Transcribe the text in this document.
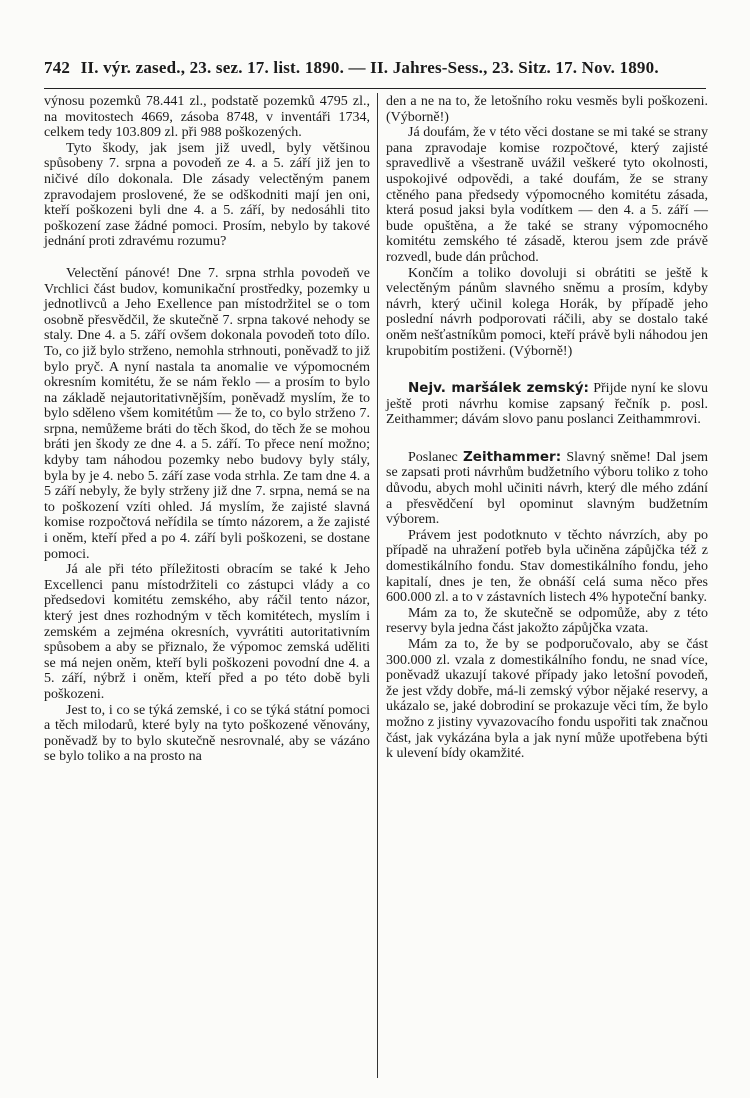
742 II. výr. zased., 23. sez. 17. list. 1890. — II. Jahres-Sess., 23. Sitz. 17. Nov. 1890.

výnosu pozemků 78.441 zl., podstatě pozemků 4795 zl., na movitostech 4669, zásoba 8748, v inventáři 1734, celkem tedy 103.809 zl. při 988 poškozených.

Tyto škody, jak jsem již uvedl, byly většinou spůsobeny 7. srpna a povodeň ze 4. a 5. září již jen to ničivé dílo dokonala. Dle zásady velectěným panem zpravodajem proslovené, že se odškodniti mají jen oni, kteří poškozeni byli dne 4. a 5. září, by nedosáhli tito poškození zase žádné pomoci. Prosím, nebylo by takové jednání proti zdravému rozumu?

Velectění pánové! Dne 7. srpna strhla povodeň ve Vrchlici část budov, komunikační prostředky, pozemky u jednotlivců a Jeho Exellence pan místodržitel se o tom osobně přesvědčil, že skutečně 7. srpna takové nehody se staly. Dne 4. a 5. září ovšem dokonala povodeň toto dílo. To, co již bylo strženo, nemohla strhnouti, poněvadž to již bylo pryč. A nyní nastala ta anomalie ve výpomocném okresním komitétu, že se nám řeklo — a prosím to bylo na základě nejautoritativnějším, poněvadž myslím, že to bylo sděleno všem komitétům — že to, co bylo strženo 7. srpna, nemůžeme bráti do těch škod, do těch že se mohou bráti jen škody ze dne 4. a 5. září. To přece není možno; kdyby tam náhodou pozemky nebo budovy byly stály, byla by je 4. nebo 5. září zase voda strhla. Ze tam dne 4. a 5 září nebyly, že byly strženy již dne 7. srpna, nemá se na to poškození vzíti ohled. Já myslím, že zajisté slavná komise rozpočtová neřídila se tímto názorem, a že zajisté i oněm, kteří před a po 4. září byli poškozeni, se dostane pomoci.

Já ale při této příležitosti obracím se také k Jeho Excellenci panu místodržiteli co zástupci vlády a co předsedovi komitétu zemského, aby ráčil tento názor, který jest dnes rozhodným v těch komitétech, myslím i zemském a zejména okresních, vyvrátiti autoritativním spůsobem a aby se přiznalo, že výpomoc zemská uděliti se má nejen oněm, kteří byli poškozeni povodní dne 4. a 5. září, nýbrž i oněm, kteří před a po této době byli poškozeni.

Jest to, i co se týká zemské, i co se týká státní pomoci a těch milodarů, které byly na tyto poškozené věnovány, poněvadž by to bylo skutečně nesrovnalé, aby se vázáno se bylo toliko a na prosto na

den a ne na to, že letošního roku vesměs byli poškozeni. (Výborně!)

Já doufám, že v této věci dostane se mi také se strany pana zpravodaje komise rozpočtové, který zajisté spravedlivě a všestraně uvážil veškeré tyto okolnosti, uspokojivé odpovědi, a také doufám, že se strany ctěného pana předsedy výpomocného komitétu zásada, která posud jaksi byla vodítkem — den 4. a 5. září — bude opuštěna, a že také se strany výpomocného komitétu zemského té zásadě, kterou jsem zde právě rozvedl, bude dán průchod.

Končím a toliko dovoluji si obrátiti se ještě k velectěným pánům slavného sněmu a prosím, kdyby návrh, který učinil kolega Horák, by případě jeho poslední návrh podporovati ráčili, aby se dostalo také oněm nešťastníkům pomoci, kteří právě byli náhodou jen krupobitím postiženi. (Výborně!)

Nejv. maršálek zemský: Přijde nyní ke slovu ještě proti návrhu komise zapsaný řečník p. posl. Zeithammer; dávám slovo panu poslanci Zeithammrovi.

Poslanec Zeithammer: Slavný sněme! Dal jsem se zapsati proti návrhům budžetního výboru toliko z toho důvodu, abych mohl učiniti návrh, který dle mého zdání a přesvědčení byl opominut slavným budžetním výborem.

Právem jest podotknuto v těchto návrzích, aby po případě na uhražení potřeb byla učiněna zápůjčka též z domestikálního fondu. Stav domestikálního fondu, jeho kapitalí, dnes je ten, že obnáší celá suma něco přes 600.000 zl. a to v zástavních listech 4% hypoteční banky.

Mám za to, že skutečně se odpomůže, aby z této reservy byla jedna část jakožto zápůjčka vzata.

Mám za to, že by se podporučovalo, aby se část 300.000 zl. vzala z domestikálního fondu, ne snad více, poněvadž ukazují takové případy jako letošní povodeň, že jest vždy dobře, má-li zemský výbor nějaké reservy, a ukázalo se, jaké dobrodiní se prokazuje věci tím, že bylo možno z jistiny vyvazovacího fondu uspořiti tak značnou část, jak vykázána byla a jak nyní může upotřebena býti k ulevení bídy okamžité.
